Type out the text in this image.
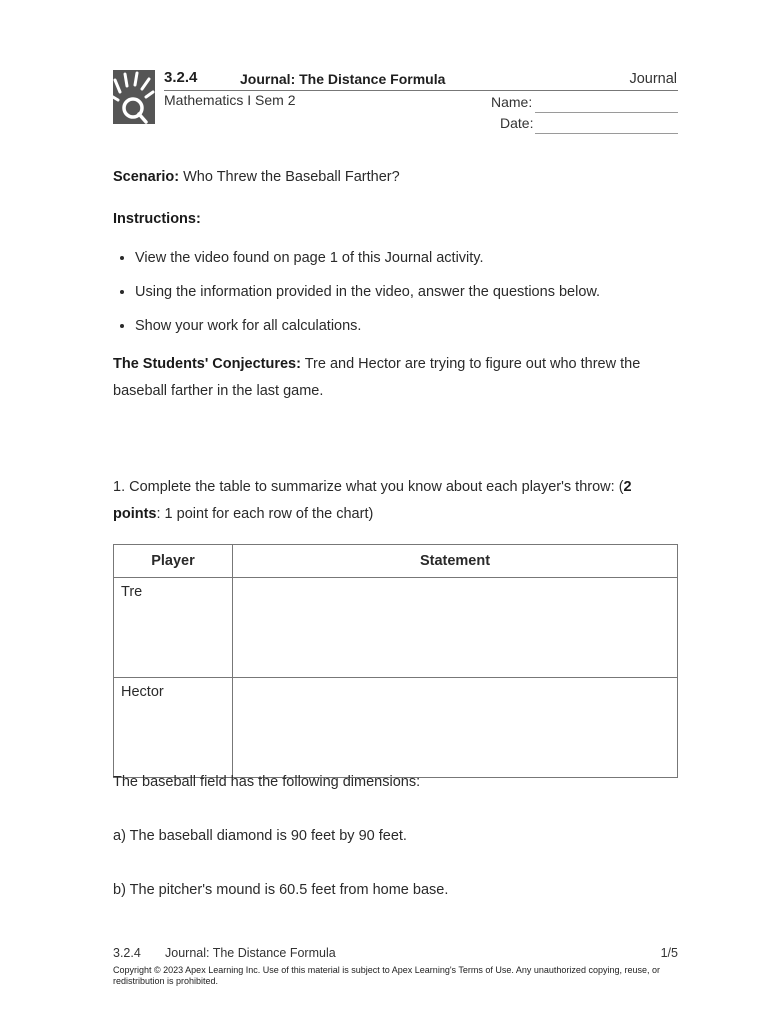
3.2.4	Journal: The Distance Formula	Journal
Mathematics I Sem 2	Name:
Date:
Scenario: Who Threw the Baseball Farther?
Instructions:
• View the video found on page 1 of this Journal activity.
• Using the information provided in the video, answer the questions below.
• Show your work for all calculations.
The Students' Conjectures: Tre and Hector are trying to figure out who threw the baseball farther in the last game.
1. Complete the table to summarize what you know about each player's throw: (2 points: 1 point for each row of the chart)
Player	Statement
Tre	
Hector	
The baseball field has the following dimensions:
a) The baseball diamond is 90 feet by 90 feet.
b) The pitcher's mound is 60.5 feet from home base.
3.2.4 Journal: The Distance Formula	1/5
Copyright © 2023 Apex Learning Inc. Use of this material is subject to Apex Learning's Terms of Use. Any unauthorized copying, reuse, or redistribution is prohibited.
